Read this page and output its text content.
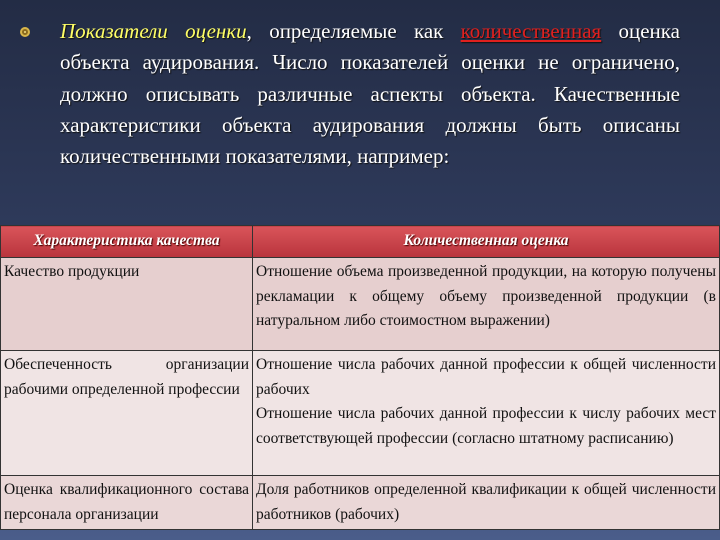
Показатели оценки, определяемые как количественная оценка объекта аудирования. Число показателей оценки не ограничено, должно описывать различные аспекты объекта. Качественные характеристики объекта аудирования должны быть описаны количественными показателями, например:
Характеристика качества	Количественная оценка
Качество продукции	Отношение объема произведенной продукции, на которую получены рекламации к общему объему произведенной продукции (в натуральном либо стоимостном выражении)

Обеспеченность организации рабочими определенной профессии	Отношение числа рабочих данной профессии к общей численности рабочих
Отношение числа рабочих данной профессии к числу рабочих мест соответствующей профессии (согласно штатному расписанию)

Оценка квалификационного состава персонала организации	Доля работников определенной квалификации к общей численности работников (рабочих)
